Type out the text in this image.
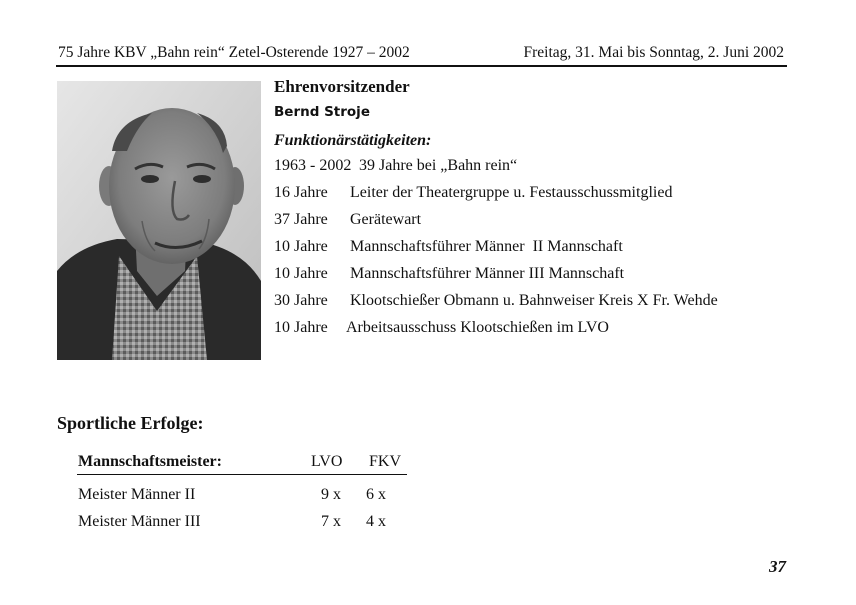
75 Jahre KBV „Bahn rein“ Zetel-Osterende 1927 – 2002	Freitag, 31. Mai bis Sonntag, 2. Juni 2002
Ehrenvorsitzender
Bernd Stroje
Funktionärstätigkeiten:
1963 - 2002 39 Jahre bei „Bahn rein“
16 Jahre Leiter der Theatergruppe u. Festausschussmitglied
37 Jahre Gerätewart
10 Jahre Mannschaftsführer Männer  II Mannschaft
10 Jahre Mannschaftsführer Männer III Mannschaft
30 Jahre Klootschießer Obmann u. Bahnweiser Kreis X Fr. Wehde
10 Jahre Arbeitsausschuss Klootschießen im LVO
Sportliche Erfolge:
Mannschaftsmeister:	LVO FKV
Meister Männer II	9 x 6 x
Meister Männer III	7 x 4 x
37
